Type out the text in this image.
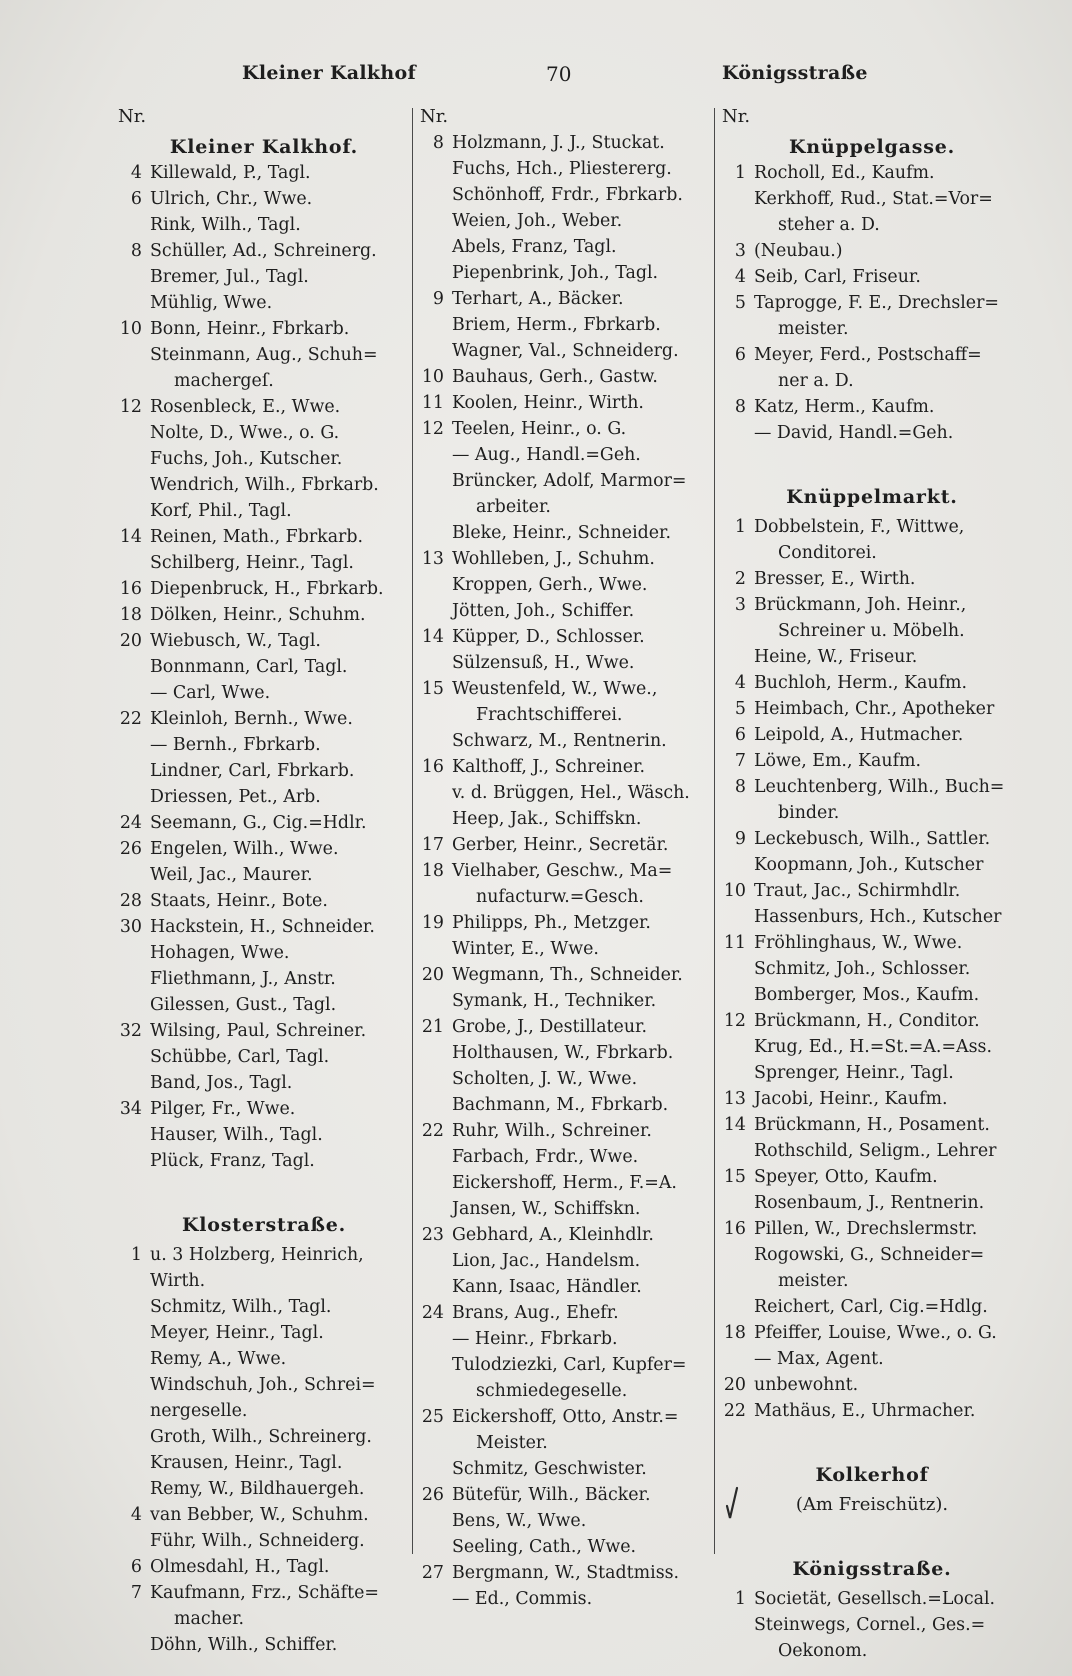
Kleiner Kalkhof	70	Königsstraße
Nr.
Kleiner Kalkhof.
4 Killewald, P., Tagl.
6 Ulrich, Chr., Wwe.
Rink, Wilh., Tagl.
8 Schüller, Ad., Schreinerg.
Bremer, Jul., Tagl.
Mühlig, Wwe.
10 Bonn, Heinr., Fbrkarb.
Steinmann, Aug., Schuh=
machergeſ.
12 Rosenbleck, E., Wwe.
Nolte, D., Wwe., o. G.
Fuchs, Joh., Kutscher.
Wendrich, Wilh., Fbrkarb.
Korf, Phil., Tagl.
14 Reinen, Math., Fbrkarb.
Schilberg, Heinr., Tagl.
16 Diepenbruck, H., Fbrkarb.
18 Dölken, Heinr., Schuhm.
20 Wiebusch, W., Tagl.
Bonnmann, Carl, Tagl.
— Carl, Wwe.
22 Kleinloh, Bernh., Wwe.
— Bernh., Fbrkarb.
Lindner, Carl, Fbrkarb.
Driessen, Pet., Arb.
24 Seemann, G., Cig.=Hdlr.
26 Engelen, Wilh., Wwe.
Weil, Jac., Maurer.
28 Staats, Heinr., Bote.
30 Hackstein, H., Schneider.
Hohagen, Wwe.
Fliethmann, J., Anstr.
Gilessen, Gust., Tagl.
32 Wilsing, Paul, Schreiner.
Schübbe, Carl, Tagl.
Band, Jos., Tagl.
34 Pilger, Fr., Wwe.
Hauser, Wilh., Tagl.
Plück, Franz, Tagl.
Klosterstraße.
1 u. 3 Holzberg, Heinrich,
Wirth.
Schmitz, Wilh., Tagl.
Meyer, Heinr., Tagl.
Remy, A., Wwe.
Windschuh, Joh., Schrei=
nergeselle.
Groth, Wilh., Schreinerg.
Krausen, Heinr., Tagl.
Remy, W., Bildhauergeh.
4 van Bebber, W., Schuhm.
Führ, Wilh., Schneiderg.
6 Olmesdahl, H., Tagl.
7 Kaufmann, Frz., Schäfte=
macher.
Döhn, Wilh., Schiffer.
Nr.
8 Holzmann, J. J., Stuckat.
Fuchs, Hch., Pliestererg.
Schönhoff, Frdr., Fbrkarb.
Weien, Joh., Weber.
Abels, Franz, Tagl.
Piepenbrink, Joh., Tagl.
9 Terhart, A., Bäcker.
Briem, Herm., Fbrkarb.
Wagner, Val., Schneiderg.
10 Bauhaus, Gerh., Gastw.
11 Koolen, Heinr., Wirth.
12 Teelen, Heinr., o. G.
— Aug., Handl.=Geh.
Brüncker, Adolf, Marmor=
arbeiter.
Bleke, Heinr., Schneider.
13 Wohlleben, J., Schuhm.
Kroppen, Gerh., Wwe.
Jötten, Joh., Schiffer.
14 Küpper, D., Schlosser.
Sülzensuß, H., Wwe.
15 Weustenfeld, W., Wwe.,
Frachtschifferei.
Schwarz, M., Rentnerin.
16 Kalthoff, J., Schreiner.
v. d. Brüggen, Hel., Wäsch.
Heep, Jak., Schiffskn.
17 Gerber, Heinr., Secretär.
18 Vielhaber, Geschw., Ma=
nufacturw.=Gesch.
19 Philipps, Ph., Metzger.
Winter, E., Wwe.
20 Wegmann, Th., Schneider.
Symank, H., Techniker.
21 Grobe, J., Destillateur.
Holthausen, W., Fbrkarb.
Scholten, J. W., Wwe.
Bachmann, M., Fbrkarb.
22 Ruhr, Wilh., Schreiner.
Farbach, Frdr., Wwe.
Eickershoff, Herm., F.=A.
Jansen, W., Schiffskn.
23 Gebhard, A., Kleinhdlr.
Lion, Jac., Handelsm.
Kann, Isaac, Händler.
24 Brans, Aug., Ehefr.
— Heinr., Fbrkarb.
Tulodziezki, Carl, Kupfer=
schmiedegeselle.
25 Eickershoff, Otto, Anstr.=
Meister.
Schmitz, Geschwister.
26 Bütefür, Wilh., Bäcker.
Bens, W., Wwe.
Seeling, Cath., Wwe.
27 Bergmann, W., Stadtmiss.
— Ed., Commis.
Nr.
Knüppelgasse.
1 Rocholl, Ed., Kaufm.
Kerkhoff, Rud., Stat.=Vor=
steher a. D.
3 (Neubau.)
4 Seib, Carl, Friseur.
5 Taprogge, F. E., Drechsler=
meister.
6 Meyer, Ferd., Postschaff=
ner a. D.
8 Katz, Herm., Kaufm.
— David, Handl.=Geh.
Knüppelmarkt.
1 Dobbelstein, F., Wittwe,
Conditorei.
2 Bresser, E., Wirth.
3 Brückmann, Joh. Heinr.,
Schreiner u. Möbelh.
Heine, W., Friseur.
4 Buchloh, Herm., Kaufm.
5 Heimbach, Chr., Apotheker
6 Leipold, A., Hutmacher.
7 Löwe, Em., Kaufm.
8 Leuchtenberg, Wilh., Buch=
binder.
9 Leckebusch, Wilh., Sattler.
Koopmann, Joh., Kutscher
10 Traut, Jac., Schirmhdlr.
Hassenburs, Hch., Kutscher
11 Fröhlinghaus, W., Wwe.
Schmitz, Joh., Schlosser.
Bomberger, Mos., Kaufm.
12 Brückmann, H., Conditor.
Krug, Ed., H.=St.=A.=Ass.
Sprenger, Heinr., Tagl.
13 Jacobi, Heinr., Kaufm.
14 Brückmann, H., Posament.
Rothschild, Seligm., Lehrer
15 Speyer, Otto, Kaufm.
Rosenbaum, J., Rentnerin.
16 Pillen, W., Drechslermstr.
Rogowski, G., Schneider=
meister.
Reichert, Carl, Cig.=Hdlg.
18 Pfeiffer, Louise, Wwe., o. G.
— Max, Agent.
20 unbewohnt.
22 Mathäus, E., Uhrmacher.
Kolkerhof
(Am Freischütz).
Königsstraße.
1 Societät, Gesellsch.=Local.
Steinwegs, Cornel., Ges.=
Oekonom.
